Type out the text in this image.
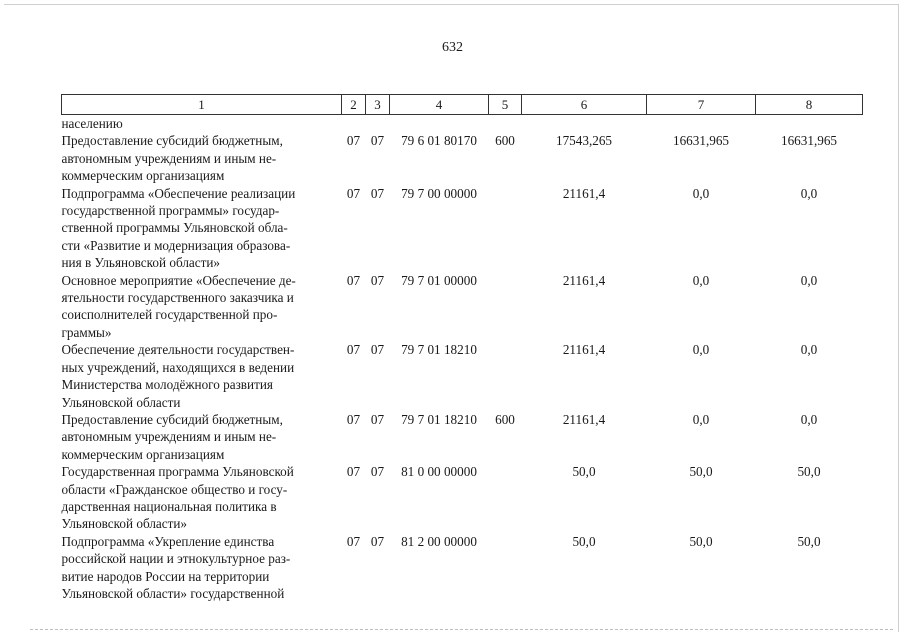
632
1	2	3	4	5	6	7	8
населению							

Предоставление субсидий бюджетным,
автономным учреждениям и иным не-
коммерческим организациям	07	07	79 6 01 80170	600	17543,265	16631,965	16631,965

Подпрограмма «Обеспечение реализации
государственной программы» государ-
ственной программы Ульяновской обла-
сти «Развитие и модернизация образова-
ния в Ульяновской области»	07	07	79 7 00 00000		21161,4	0,0	0,0

Основное мероприятие «Обеспечение де-
ятельности государственного заказчика и
соисполнителей государственной про-
граммы»	07	07	79 7 01 00000		21161,4	0,0	0,0

Обеспечение деятельности государствен-
ных учреждений, находящихся в ведении
Министерства молодёжного развития
Ульяновской области	07	07	79 7 01 18210		21161,4	0,0	0,0

Предоставление субсидий бюджетным,
автономным учреждениям и иным не-
коммерческим организациям	07	07	79 7 01 18210	600	21161,4	0,0	0,0

Государственная программа Ульяновской
области «Гражданское общество и госу-
дарственная национальная политика в
Ульяновской области»	07	07	81 0 00 00000		50,0	50,0	50,0

Подпрограмма «Укрепление единства
российской нации и этнокультурное раз-
витие народов России на территории
Ульяновской области» государственной	07	07	81 2 00 00000		50,0	50,0	50,0
